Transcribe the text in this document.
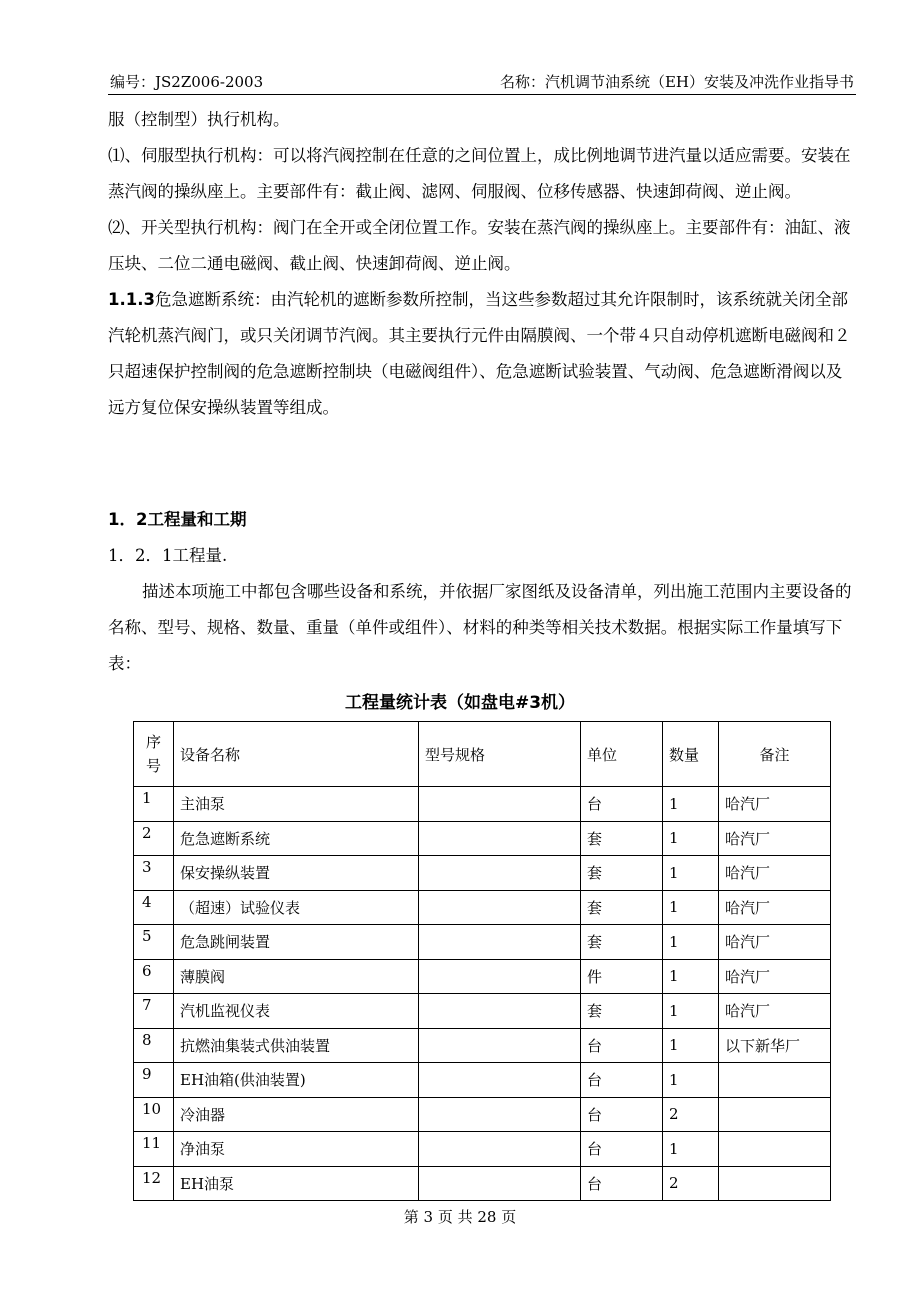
编号：JS2Z006-2003	名称：汽机调节油系统（EH）安装及冲洗作业指导书

服（控制型）执行机构。

⑴、伺服型执行机构：可以将汽阀控制在任意的之间位置上，成比例地调节进汽量以适应需要。安装在蒸汽阀的操纵座上。主要部件有：截止阀、滤网、伺服阀、位移传感器、快速卸荷阀、逆止阀。

⑵、开关型执行机构：阀门在全开或全闭位置工作。安装在蒸汽阀的操纵座上。主要部件有：油缸、液压块、二位二通电磁阀、截止阀、快速卸荷阀、逆止阀。

1.1.3危急遮断系统：由汽轮机的遮断参数所控制，当这些参数超过其允许限制时，该系统就关闭全部汽轮机蒸汽阀门，或只关闭调节汽阀。其主要执行元件由隔膜阀、一个带４只自动停机遮断电磁阀和２只超速保护控制阀的危急遮断控制块（电磁阀组件）、危急遮断试验装置、气动阀、危急遮断滑阀以及远方复位保安操纵装置等组成。

1．2工程量和工期

1．2．1工程量.

描述本项施工中都包含哪些设备和系统，并依据厂家图纸及设备清单，列出施工范围内主要设备的名称、型号、规格、数量、重量（单件或组件）、材料的种类等相关技术数据。根据实际工作量填写下表：

工程量统计表（如盘电#3机）
序
号	设备名称	型号规格	单位	数量	备注
1	主油泵		台	1	哈汽厂
2	危急遮断系统		套	1	哈汽厂
3	保安操纵装置		套	1	哈汽厂
4	（超速）试验仪表		套	1	哈汽厂
5	危急跳闸装置		套	1	哈汽厂
6	薄膜阀		件	1	哈汽厂
7	汽机监视仪表		套	1	哈汽厂
8	抗燃油集装式供油装置		台	1	以下新华厂
9	EH油箱(供油装置)		台	1	
10	冷油器		台	2	
11	净油泵		台	1	
12	EH油泵		台	2	
第 3 页 共 28 页
